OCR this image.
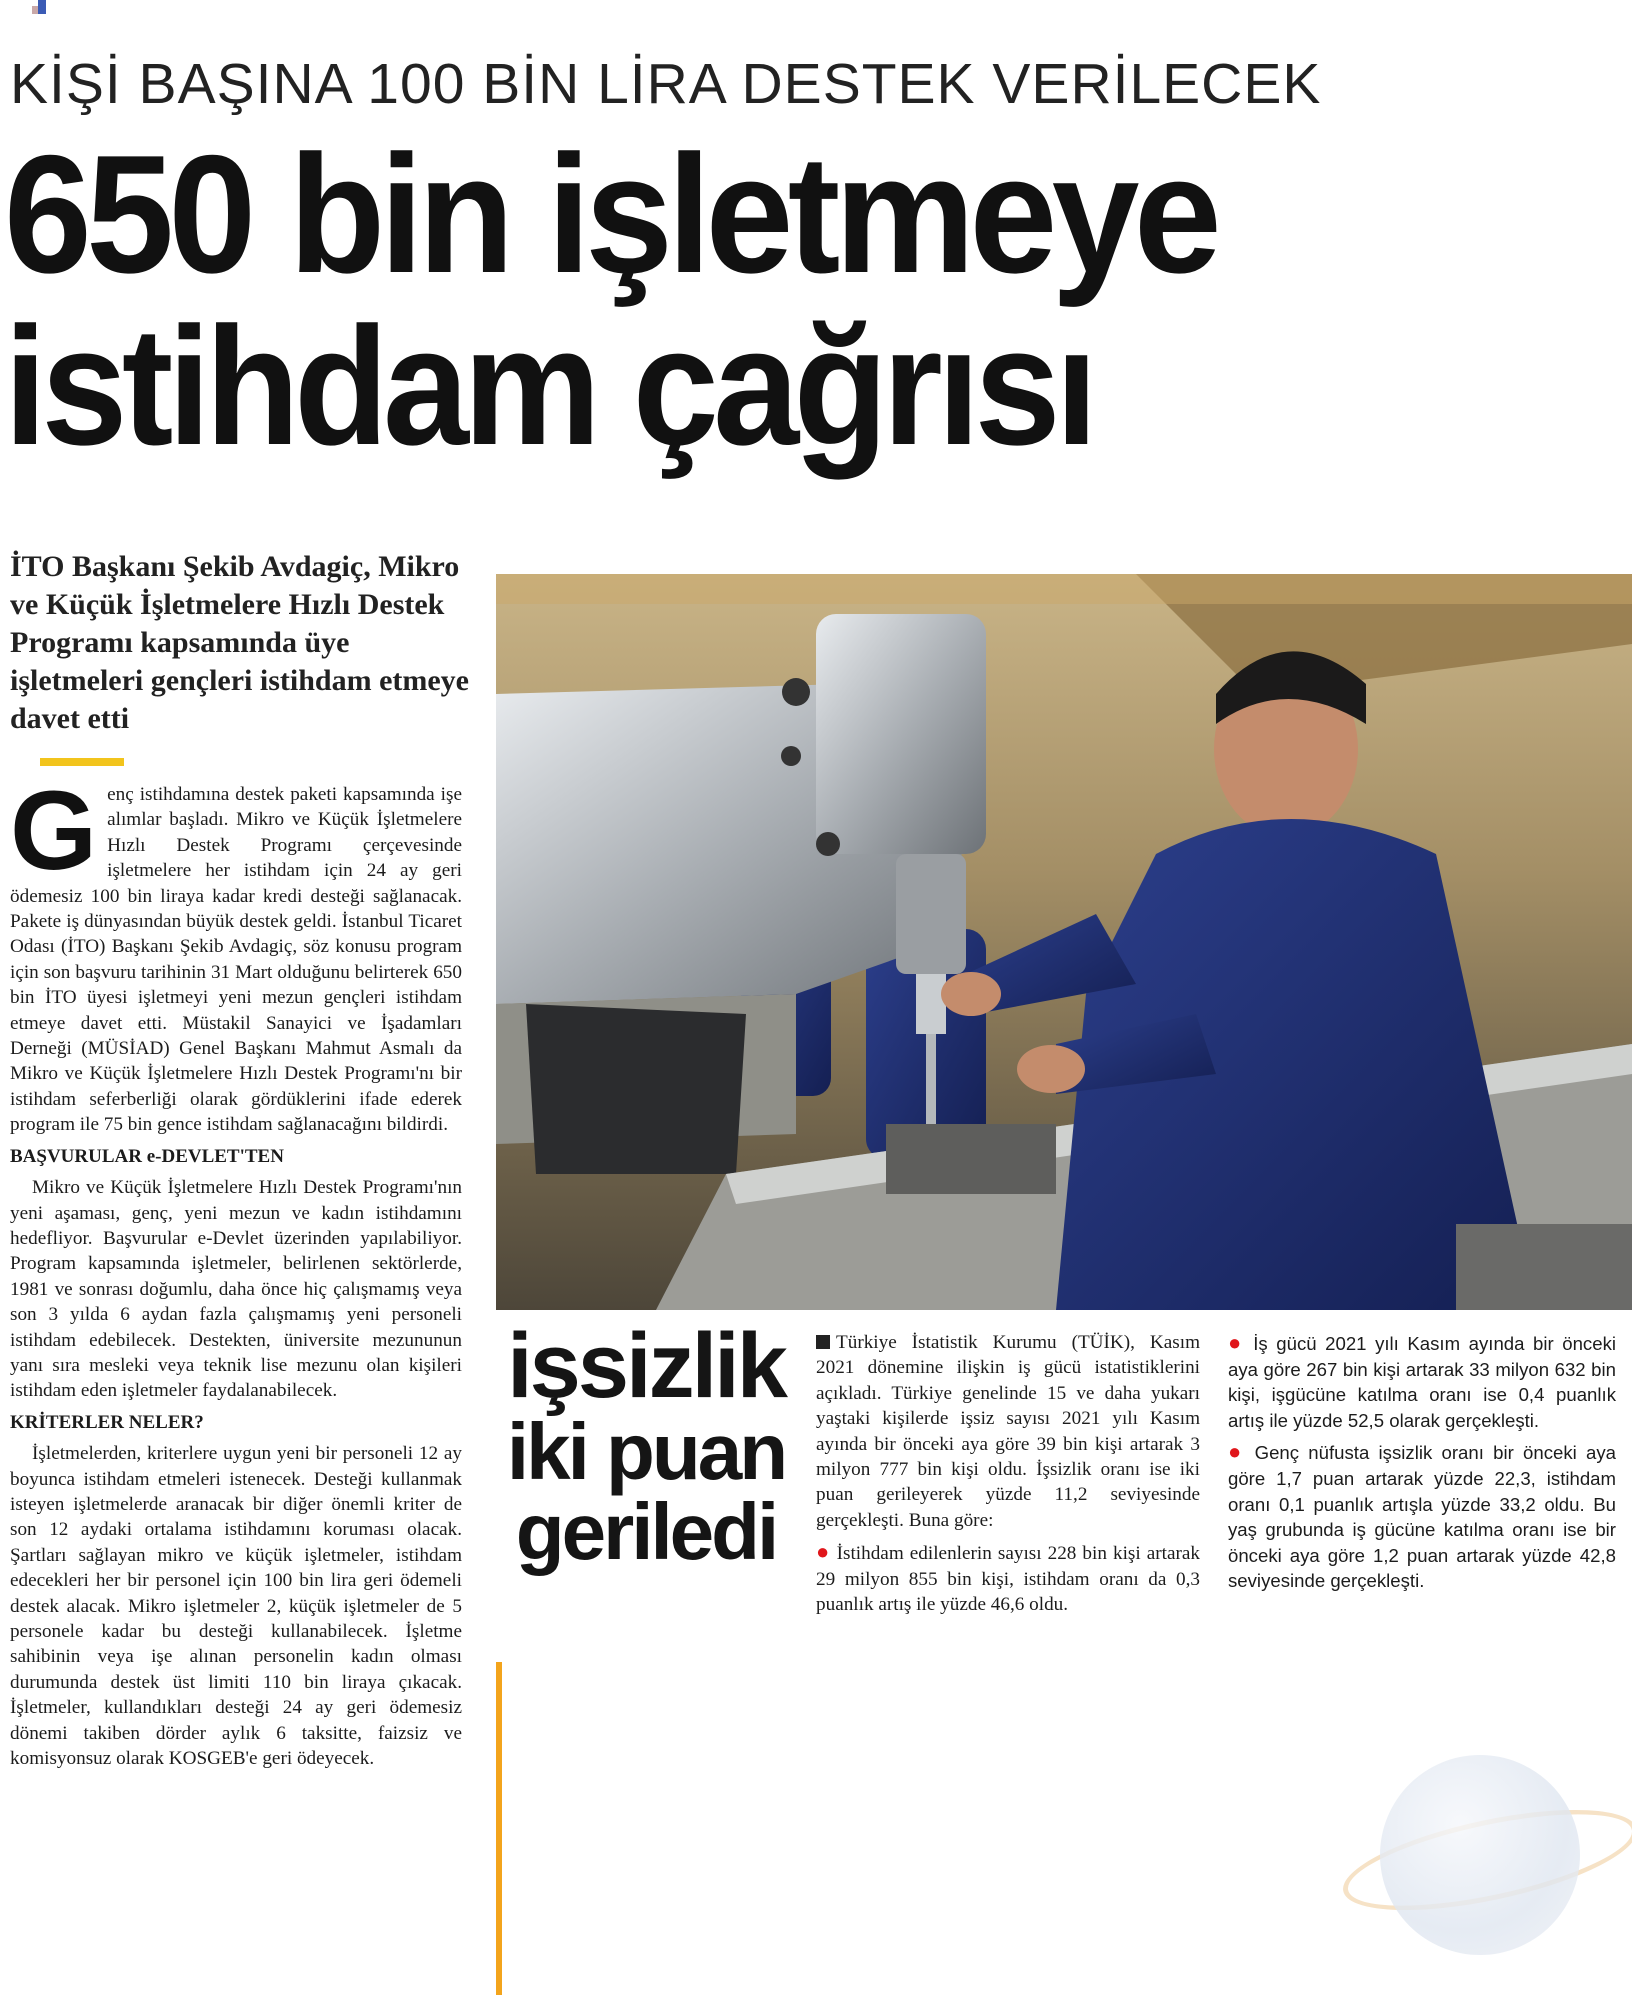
KİŞİ BAŞINA 100 BİN LİRA DESTEK VERİLECEK
650 bin işletmeye
istihdam çağrısı
İTO Başkanı Şekib Avdagiç, Mikro ve Küçük İşletmelere Hızlı Destek Programı kapsamında üye işletmeleri gençleri istihdam etmeye davet etti

Genç istihdamına destek paketi kapsamında işe alımlar başladı. Mikro ve Küçük İşletmelere Hızlı Destek Programı çerçevesinde işletmelere her istihdam için 24 ay geri ödemesiz 100 bin liraya kadar kredi desteği sağlanacak. Pakete iş dünyasından büyük destek geldi. İstanbul Ticaret Odası (İTO) Başkanı Şekib Avdagiç, söz konusu program için son başvuru tarihinin 31 Mart olduğunu belirterek 650 bin İTO üyesi işletmeyi yeni mezun gençleri istihdam etmeye davet etti. Müstakil Sanayici ve İşadamları Derneği (MÜSİAD) Genel Başkanı Mahmut Asmalı da Mikro ve Küçük İşletmelere Hızlı Destek Programı'nı bir istihdam seferberliği olarak gördüklerini ifade ederek program ile 75 bin gence istihdam sağlanacağını bildirdi.

BAŞVURULAR e-DEVLET'TEN

Mikro ve Küçük İşletmelere Hızlı Destek Programı'nın yeni aşaması, genç, yeni mezun ve kadın istihdamını hedefliyor. Başvurular e-Devlet üzerinden yapılabiliyor. Program kapsamında işletmeler, belirlenen sektörlerde, 1981 ve sonrası doğumlu, daha önce hiç çalışmamış veya son 3 yılda 6 aydan fazla çalışmamış yeni personeli istihdam edebilecek. Destekten, üniversite mezununun yanı sıra mesleki veya teknik lise mezunu olan kişileri istihdam eden işletmeler faydalanabilecek.

KRİTERLER NELER?

İşletmelerden, kriterlere uygun yeni bir personeli 12 ay boyunca istihdam etmeleri istenecek. Desteği kullanmak isteyen işletmelerde aranacak bir diğer önemli kriter de son 12 aydaki ortalama istihdamını koruması olacak. Şartları sağlayan mikro ve küçük işletmeler, istihdam edecekleri her bir personel için 100 bin lira geri ödemeli destek alacak. Mikro işletmeler 2, küçük işletmeler de 5 personele kadar bu desteği kullanabilecek. İşletme sahibinin veya işe alınan personelin kadın olması durumunda destek üst limiti 110 bin liraya çıkacak. İşletmeler, kullandıkları desteği 24 ay geri ödemesiz dönemi takiben dörder aylık 6 taksitte, faizsiz ve komisyonsuz olarak KOSGEB'e geri ödeyecek.

işsizlik
iki puan
geriledi

Türkiye İstatistik Kurumu (TÜİK), Kasım 2021 dönemine ilişkin iş gücü istatistiklerini açıkladı. Türkiye genelinde 15 ve daha yukarı yaştaki kişilerde işsiz sayısı 2021 yılı Kasım ayında bir önceki aya göre 39 bin kişi artarak 3 milyon 777 bin kişi oldu. İşsizlik oranı ise iki puan gerileyerek yüzde 11,2 seviyesinde gerçekleşti. Buna göre:

● İstihdam edilenlerin sayısı 228 bin kişi artarak 29 milyon 855 bin kişi, istihdam oranı da 0,3 puanlık artış ile yüzde 46,6 oldu.

● İş gücü 2021 yılı Kasım ayında bir önceki aya göre 267 bin kişi artarak 33 milyon 632 bin kişi, işgücüne katılma oranı ise 0,4 puanlık artış ile yüzde 52,5 olarak gerçekleşti.

● Genç nüfusta işsizlik oranı bir önceki aya göre 1,7 puan artarak yüzde 22,3, istihdam oranı 0,1 puanlık artışla yüzde 33,2 oldu. Bu yaş grubunda iş gücüne katılma oranı ise bir önceki aya göre 1,2 puan artarak yüzde 42,8 seviyesinde gerçekleşti.
